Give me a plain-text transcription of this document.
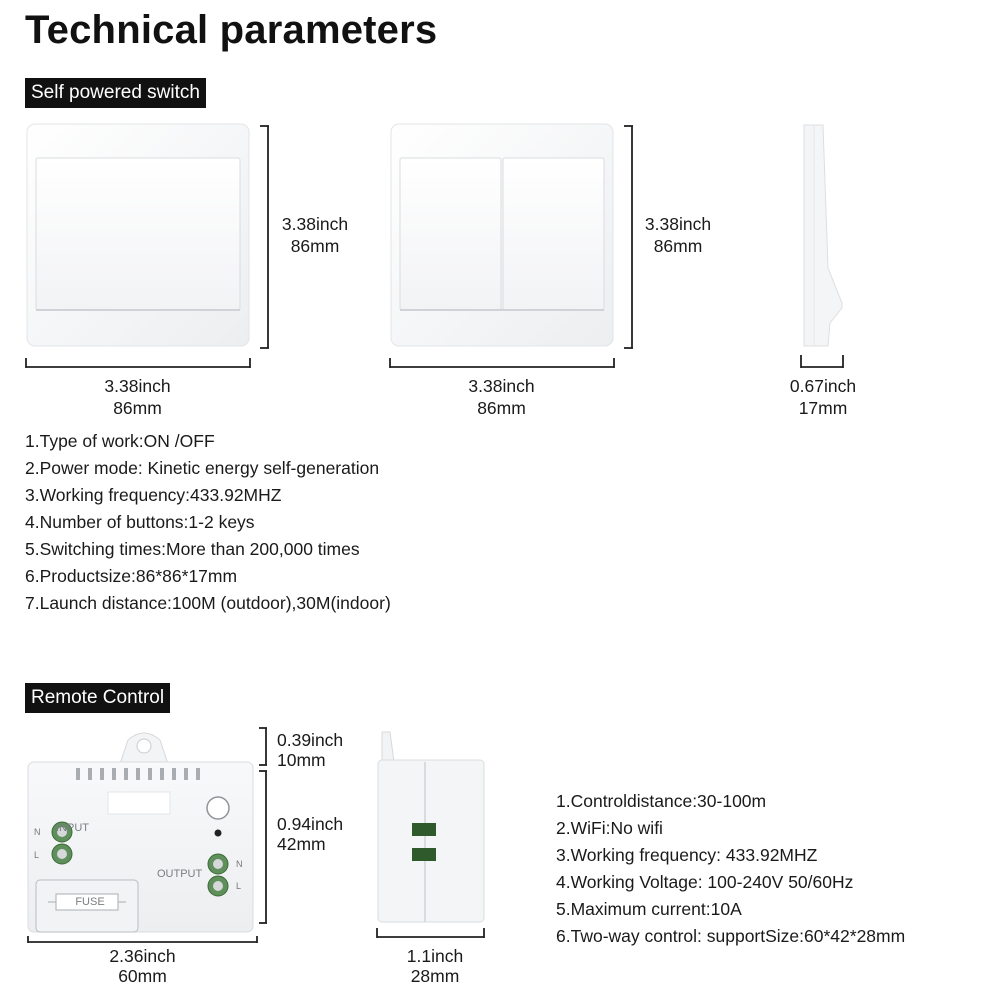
Technical parameters
Self powered switch
3.38inch
86mm
3.38inch
86mm
3.38inch
86mm
3.38inch
86mm
0.67inch
17mm
1.Type of work:ON /OFF
2.Power mode: Kinetic energy self-generation
3.Working frequency:433.92MHZ
4.Number of buttons:1-2 keys
5.Switching times:More than 200,000 times
6.Productsize:86*86*17mm
7.Launch distance:100M (outdoor),30M(indoor)
Remote Control
N
L
N
L
INPUT
OUTPUT
FUSE
0.39inch
10mm
0.94inch
42mm
2.36inch
60mm
1.1inch
28mm
1.Controldistance:30-100m
2.WiFi:No wifi
3.Working frequency: 433.92MHZ
4.Working Voltage: 100-240V 50/60Hz
5.Maximum current:10A
6.Two-way control: supportSize:60*42*28mm
